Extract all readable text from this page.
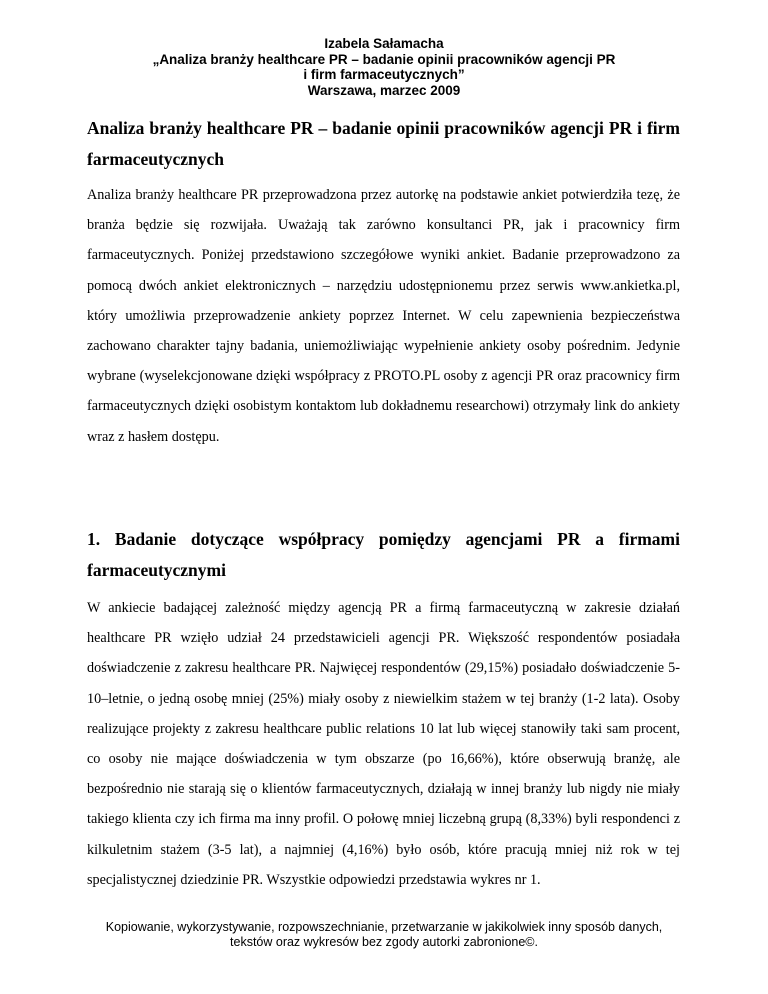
Izabela Sałamacha
„Analiza branży healthcare PR – badanie opinii pracowników agencji PR
i firm farmaceutycznych”
Warszawa, marzec 2009
Analiza branży healthcare PR – badanie opinii pracowników agencji PR i firm farmaceutycznych

Analiza branży healthcare PR przeprowadzona przez autorkę na podstawie ankiet potwierdziła tezę, że branża będzie się rozwijała. Uważają tak zarówno konsultanci PR, jak i pracownicy firm farmaceutycznych. Poniżej przedstawiono szczegółowe wyniki ankiet. Badanie przeprowadzono za pomocą dwóch ankiet elektronicznych – narzędziu udostępnionemu przez serwis www.ankietka.pl, który umożliwia przeprowadzenie ankiety poprzez Internet. W celu zapewnienia bezpieczeństwa zachowano charakter tajny badania, uniemożliwiając wypełnienie ankiety osoby pośrednim. Jedynie wybrane (wyselekcjonowane dzięki współpracy z PROTO.PL osoby z agencji PR oraz pracownicy firm farmaceutycznych dzięki osobistym kontaktom lub dokładnemu researchowi) otrzymały link do ankiety wraz z hasłem dostępu.

1. Badanie dotyczące współpracy pomiędzy agencjami PR a firmami farmaceutycznymi

W ankiecie badającej zależność między agencją PR a firmą farmaceutyczną w zakresie działań healthcare PR wzięło udział 24 przedstawicieli agencji PR. Większość respondentów posiadała doświadczenie z zakresu healthcare PR. Najwięcej respondentów (29,15%) posiadało doświadczenie 5-10–letnie, o jedną osobę mniej (25%) miały osoby z niewielkim stażem w tej branży (1-2 lata). Osoby realizujące projekty z zakresu healthcare public relations 10 lat lub więcej stanowiły taki sam procent, co osoby nie mające doświadczenia w tym obszarze (po 16,66%), które obserwują branżę, ale bezpośrednio nie starają się o klientów farmaceutycznych, działają w innej branży lub nigdy nie miały takiego klienta czy ich firma ma inny profil. O połowę mniej liczebną grupą (8,33%) byli respondenci z kilkuletnim stażem (3-5 lat), a najmniej (4,16%) było osób, które pracują mniej niż rok w tej specjalistycznej dziedzinie PR. Wszystkie odpowiedzi przedstawia wykres nr 1.

Kopiowanie, wykorzystywanie, rozpowszechnianie, przetwarzanie w jakikolwiek inny sposób danych,
tekstów oraz wykresów bez zgody autorki zabronione©.
